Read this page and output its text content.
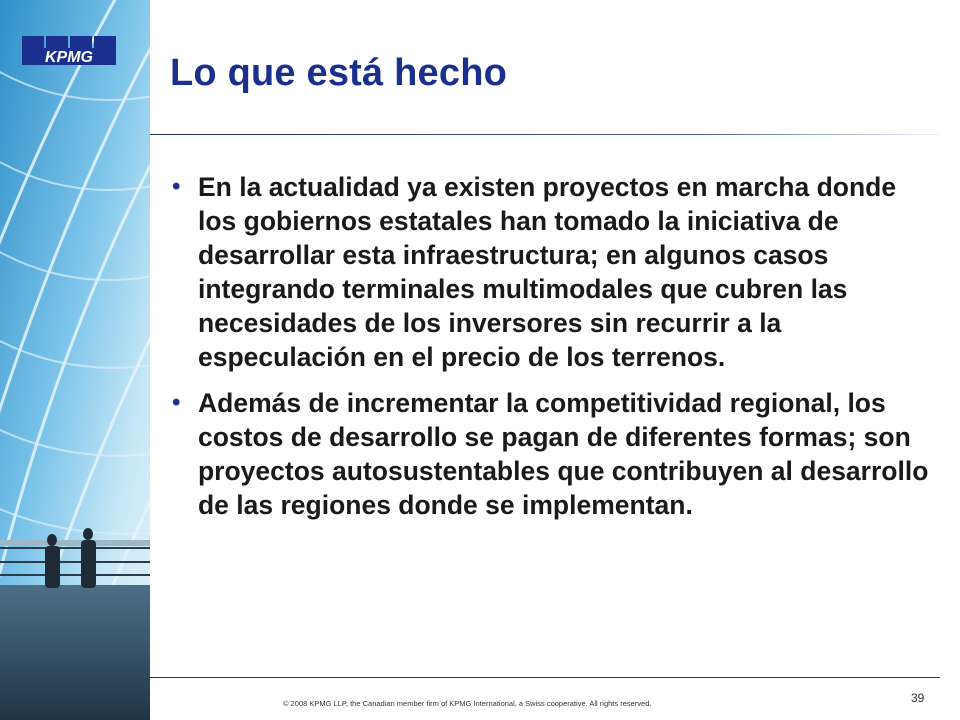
KPMG Lo que está hecho
• En la actualidad ya existen proyectos en marcha donde los gobiernos estatales han tomado la iniciativa de desarrollar esta infraestructura; en algunos casos integrando terminales multimodales que cubren las necesidades de los inversores sin recurrir a la especulación en el precio de los terrenos.
• Además de incrementar la competitividad regional, los costos de desarrollo se pagan de diferentes formas; son proyectos autosustentables que contribuyen al desarrollo de las regiones donde se implementan.
© 2008 KPMG LLP, the Canadian member firm of KPMG International, a Swiss cooperative. All rights reserved.	39
